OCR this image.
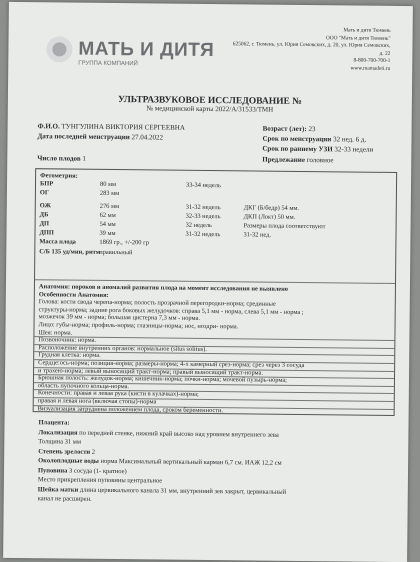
МАТЬ И ДИТЯ
ГРУППА КОМПАНИЙ
Мать и дитя Тюмень
ООО "Мать и дитя Тюмень"
625062, г. Тюмень, ул. Юрия Семовских, д. 20, ул. Юрия Семовских,
д. 22
8-800-700-700-1
www.mamadeti.ru
УЛЬТРАЗВУКОВОЕ ИССЛЕДОВАНИЕ №
№ медицинской карты 2022/А/31533/ТМН
Ф.И.О. ТУНГУЛИНА ВИКТОРИЯ СЕРГЕЕВНА	Возраст (лет): 23
Дата последней менструации 27.04.2022	Срок по менструации 32 нед. 6 д.
Срок по раннему УЗИ 32-33 недели
Число плодов 1	Предлежание головное
Фетометрия:
БПР	80 мм	33-34 недель
ОГ	283 мм
ОЖ	276 мм	31-32 недель	ДКГ (Б/бедр) 54 мм.
ДБ	62 мм	32-33 недель	ДКП (Локт) 50 мм.
ДП	54 мм	32 недель	Размеры плода соответствуют
ДПП	39 мм	31-32 недель	31-32 нед.
Масса плода	1869 гр., +/-200 гр
С/Б 135 уд/мин, ритм правильный
Анатомия: пороков и аномалий развития плода на момент исследования не выявлено
Особенности Анатомия:
Голова: кости свода черепа-норма; полость прозрачной перегородки-норма; срединные
структуры-норма; задние рога боковых желудочков: справа 5,1 мм - норма, слева 5,1 мм - норма ;
мозжечок 39 мм - норма; большая цистерна 7,3 мм - норма.
Лицо: губы-норма; профиль-норма; глазницы-норма; нос, ноздри- норма.
Шея: норма.
Позвоночник: норма.
Расположение внутренних органов: нормальное (situs solitus).
Грудная клетка: норма.
Сердце:ось-норма; позиция-норма; размеры-норма; 4-х камерный срез-норма; срез через 3 сосуда
и трахею-норма; левый выносящий тракт-норма; правый выносящий тракт-норма.
Брюшная полость: желудок-норма; кишечник-норма; почки-норма; мочевой пузырь-норма;
область пупочного кольца-норма.
Конечности: правая и левая рука (кисти в кулачках)-норма;
правая и левая нога (включая стопы)-норма
Визуализация затруднена положением плода, сроком беременности.
Плацента:
Локализация по передней стенке, нижний край высоко над уровнем внутреннего зева
Толщина 31 мм
Степень зрелости 2
Околоплодные воды норма Максимальный вертикальный карман 6,7 см. ИАЖ 12,2 см
Пуповина 3 сосуда (1- кратное)
Место прикрепления пуповины центральное
Шейка матки длина цервикального канала 31 мм, внутренний зев закрыт, цервикальный
канал не расширен.
